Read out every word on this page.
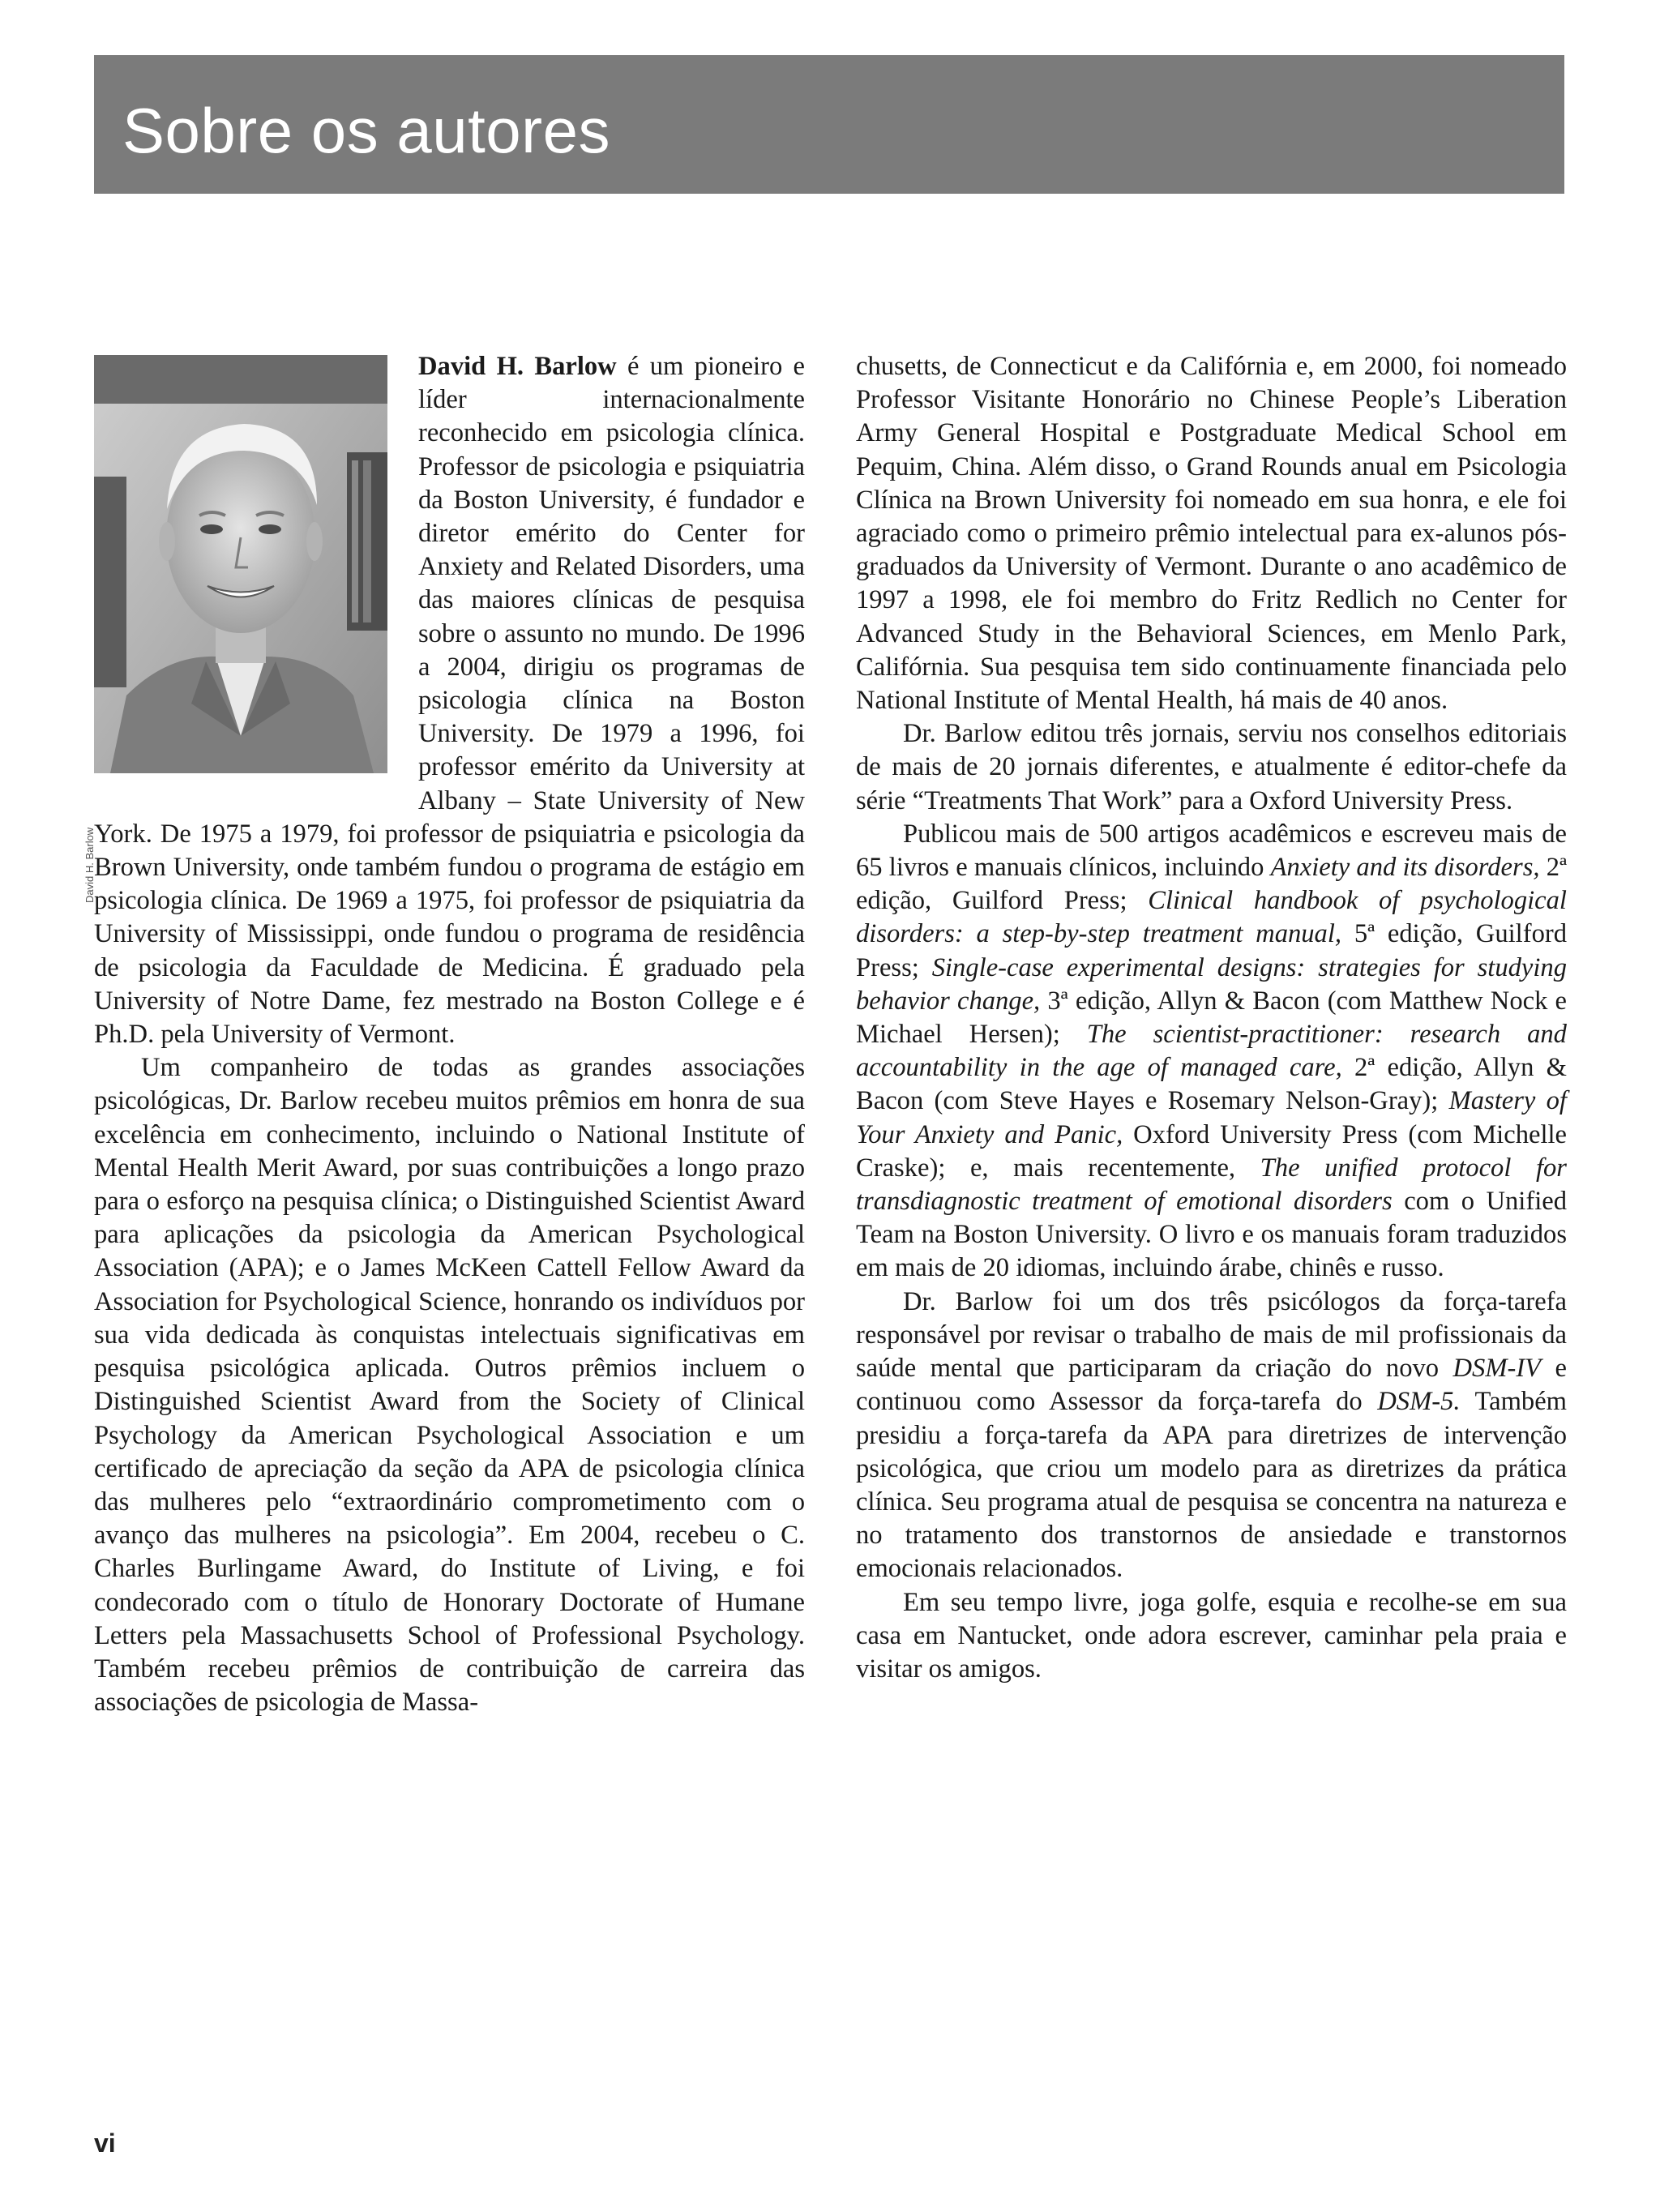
Sobre os autores
David H. Barlow

David H. Barlow é um pioneiro e líder internacionalmente reconhecido em psicologia clínica. Professor de psicologia e psiquiatria da Boston University, é fundador e diretor emérito do Center for Anxiety and Related Disorders, uma das maiores clínicas de pesquisa sobre o assunto no mundo. De 1996 a 2004, dirigiu os programas de psicologia clínica na Boston University. De 1979 a 1996, foi professor emérito da University at Albany – State University of New York. De 1975 a 1979, foi professor de psiquiatria e psicologia da Brown University, onde também fundou o programa de estágio em psicologia clínica. De 1969 a 1975, foi professor de psiquiatria da University of Mississippi, onde fundou o programa de residência de psicologia da Faculdade de Medicina. É graduado pela University of Notre Dame, fez mestrado na Boston College e é Ph.D. pela University of Vermont.

Um companheiro de todas as grandes associações psicológicas, Dr. Barlow recebeu muitos prêmios em honra de sua excelência em conhecimento, incluindo o National Institute of Mental Health Merit Award, por suas contribuições a longo prazo para o esforço na pesquisa clínica; o Distinguished Scientist Award para aplicações da psicologia da American Psychological Association (APA); e o James McKeen Cattell Fellow Award da Association for Psychological Science, honrando os indivíduos por sua vida dedicada às conquistas intelectuais significativas em pesquisa psicológica aplicada. Outros prêmios incluem o Distinguished Scientist Award from the Society of Clinical Psychology da American Psychological Association e um certificado de apreciação da seção da APA de psicologia clínica das mulheres pelo “extraordinário comprometimento com o avanço das mulheres na psicologia”. Em 2004, recebeu o C. Charles Burlingame Award, do Institute of Living, e foi condecorado com o título de Honorary Doctorate of Humane Letters pela Massachusetts School of Professional Psychology. Também recebeu prêmios de contribuição de carreira das associações de psicologia de Massa-

chusetts, de Connecticut e da Califórnia e, em 2000, foi nomeado Professor Visitante Honorário no Chinese People’s Liberation Army General Hospital e Postgraduate Medical School em Pequim, China. Além disso, o Grand Rounds anual em Psicologia Clínica na Brown University foi nomeado em sua honra, e ele foi agraciado como o primeiro prêmio intelectual para ex-alunos pós-graduados da University of Vermont. Durante o ano acadêmico de 1997 a 1998, ele foi membro do Fritz Redlich no Center for Advanced Study in the Behavioral Sciences, em Menlo Park, Califórnia. Sua pesquisa tem sido continuamente financiada pelo National Institute of Mental Health, há mais de 40 anos.

Dr. Barlow editou três jornais, serviu nos conselhos editoriais de mais de 20 jornais diferentes, e atualmente é editor-chefe da série “Treatments That Work” para a Oxford University Press.

Publicou mais de 500 artigos acadêmicos e escreveu mais de 65 livros e manuais clínicos, incluindo Anxiety and its disorders, 2ª edição, Guilford Press; Clinical handbook of psychological disorders: a step-by-step treatment manual, 5ª edição, Guilford Press; Single-case experimental designs: strategies for studying behavior change, 3ª edição, Allyn & Bacon (com Matthew Nock e Michael Hersen); The scientist-practitioner: research and accountability in the age of managed care, 2ª edição, Allyn & Bacon (com Steve Hayes e Rosemary Nelson-Gray); Mastery of Your Anxiety and Panic, Oxford University Press (com Michelle Craske); e, mais recentemente, The unified protocol for transdiagnostic treatment of emotional disorders com o Unified Team na Boston University. O livro e os manuais foram traduzidos em mais de 20 idiomas, incluindo árabe, chinês e russo.

Dr. Barlow foi um dos três psicólogos da força-tarefa responsável por revisar o trabalho de mais de mil profissionais da saúde mental que participaram da criação do novo DSM-IV e continuou como Assessor da força-tarefa do DSM-5. Também presidiu a força-tarefa da APA para diretrizes de intervenção psicológica, que criou um modelo para as diretrizes da prática clínica. Seu programa atual de pesquisa se concentra na natureza e no tratamento dos transtornos de ansiedade e transtornos emocionais relacionados.

Em seu tempo livre, joga golfe, esquia e recolhe-se em sua casa em Nantucket, onde adora escrever, caminhar pela praia e visitar os amigos.

vi
